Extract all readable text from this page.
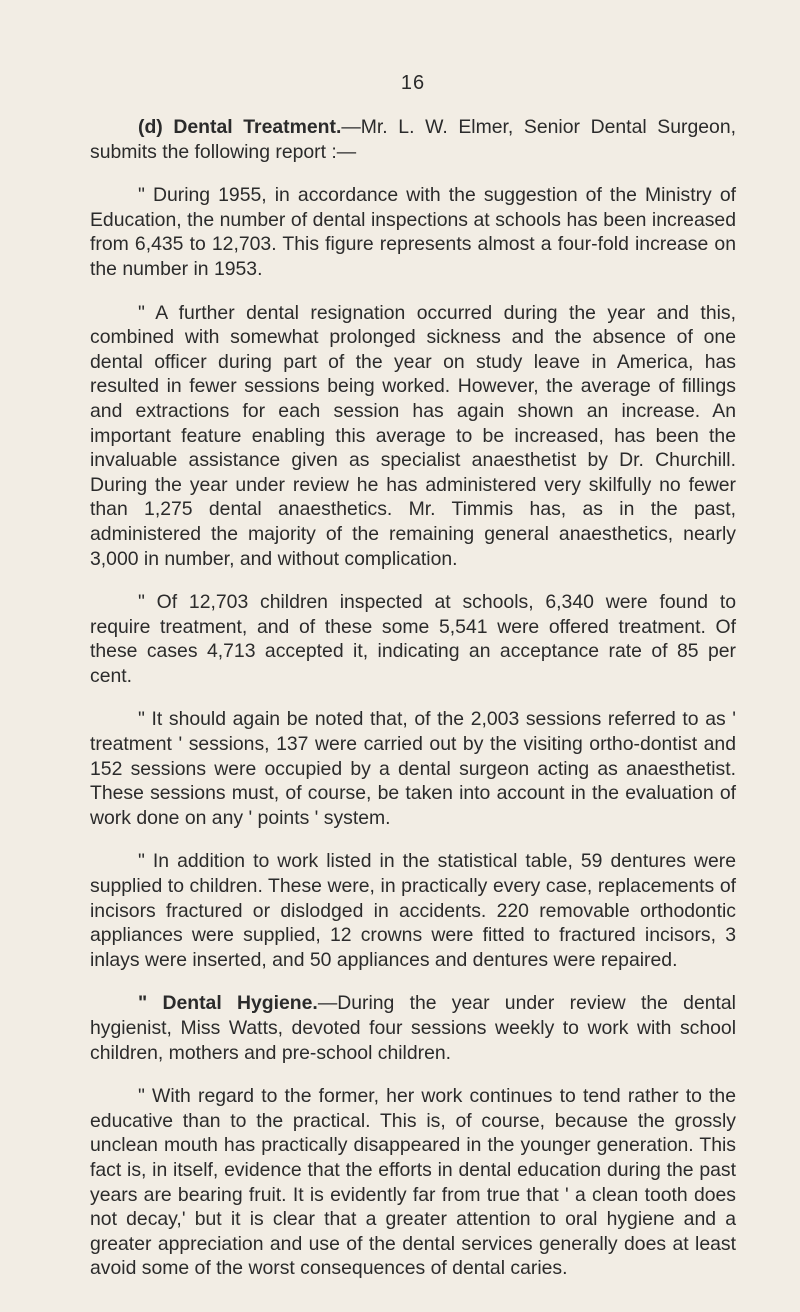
16

(d) Dental Treatment.—Mr. L. W. Elmer, Senior Dental Surgeon, submits the following report :—

" During 1955, in accordance with the suggestion of the Ministry of Education, the number of dental inspections at schools has been increased from 6,435 to 12,703. This figure represents almost a four-fold increase on the number in 1953.

" A further dental resignation occurred during the year and this, combined with somewhat prolonged sickness and the absence of one dental officer during part of the year on study leave in America, has resulted in fewer sessions being worked. However, the average of fillings and extractions for each session has again shown an increase. An important feature enabling this average to be increased, has been the invaluable assistance given as specialist anaesthetist by Dr. Churchill. During the year under review he has administered very skilfully no fewer than 1,275 dental anaesthetics. Mr. Timmis has, as in the past, administered the majority of the remaining general anaesthetics, nearly 3,000 in number, and without complication.

" Of 12,703 children inspected at schools, 6,340 were found to require treatment, and of these some 5,541 were offered treatment. Of these cases 4,713 accepted it, indicating an acceptance rate of 85 per cent.

" It should again be noted that, of the 2,003 sessions referred to as ' treatment ' sessions, 137 were carried out by the visiting ortho-dontist and 152 sessions were occupied by a dental surgeon acting as anaesthetist. These sessions must, of course, be taken into account in the evaluation of work done on any ' points ' system.

" In addition to work listed in the statistical table, 59 dentures were supplied to children. These were, in practically every case, replacements of incisors fractured or dislodged in accidents. 220 removable orthodontic appliances were supplied, 12 crowns were fitted to fractured incisors, 3 inlays were inserted, and 50 appliances and dentures were repaired.

" Dental Hygiene.—During the year under review the dental hygienist, Miss Watts, devoted four sessions weekly to work with school children, mothers and pre-school children.

" With regard to the former, her work continues to tend rather to the educative than to the practical. This is, of course, because the grossly unclean mouth has practically disappeared in the younger generation. This fact is, in itself, evidence that the efforts in dental education during the past years are bearing fruit. It is evidently far from true that ' a clean tooth does not decay,' but it is clear that a greater attention to oral hygiene and a greater appreciation and use of the dental services generally does at least avoid some of the worst consequences of dental caries.
